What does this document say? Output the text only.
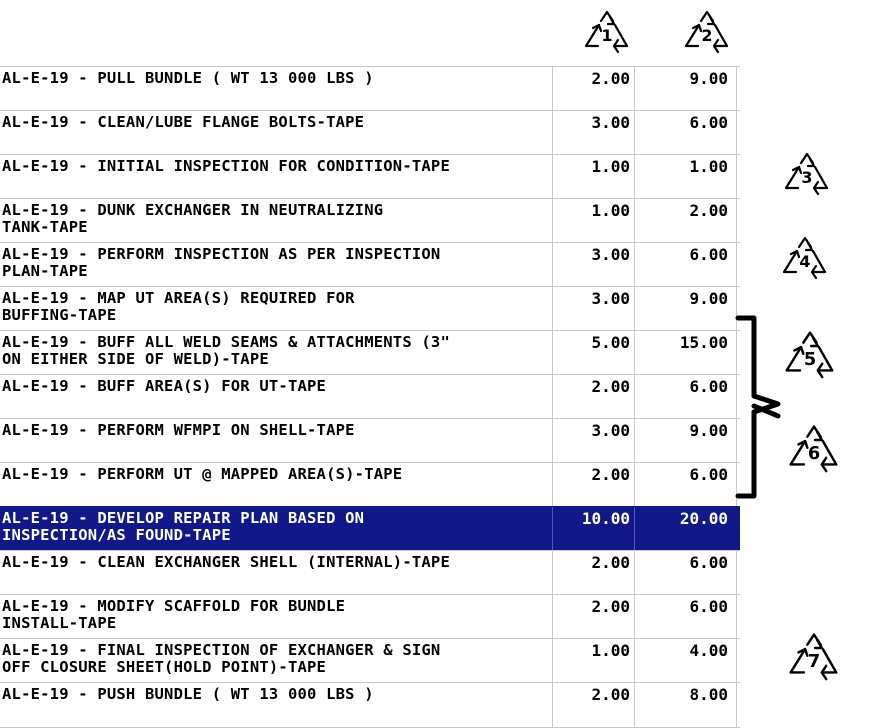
1	2
AL-E-19 - PULL BUNDLE ( WT 13 000 LBS )	2.00	9.00
AL-E-19 - CLEAN/LUBE FLANGE BOLTS-TAPE	3.00	6.00
AL-E-19 - INITIAL INSPECTION FOR CONDITION-TAPE	1.00	1.00
AL-E-19 - DUNK EXCHANGER IN NEUTRALIZING
TANK-TAPE
1.00	2.00
AL-E-19 - PERFORM INSPECTION AS PER INSPECTION
PLAN-TAPE
3.00	6.00
AL-E-19 - MAP UT AREA(S) REQUIRED FOR
BUFFING-TAPE
3.00	9.00
AL-E-19 - BUFF ALL WELD SEAMS & ATTACHMENTS (3"
ON EITHER SIDE OF WELD)-TAPE
5.00	15.00
AL-E-19 - BUFF AREA(S) FOR UT-TAPE	2.00	6.00
AL-E-19 - PERFORM WFMPI ON SHELL-TAPE	3.00	9.00
AL-E-19 - PERFORM UT @ MAPPED AREA(S)-TAPE	2.00	6.00
AL-E-19 - DEVELOP REPAIR PLAN BASED ON
INSPECTION/AS FOUND-TAPE
10.00	20.00
AL-E-19 - CLEAN EXCHANGER SHELL (INTERNAL)-TAPE	2.00	6.00
AL-E-19 - MODIFY SCAFFOLD FOR BUNDLE
INSTALL-TAPE
2.00	6.00
AL-E-19 - FINAL INSPECTION OF EXCHANGER & SIGN
OFF CLOSURE SHEET(HOLD POINT)-TAPE
1.00	4.00
AL-E-19 - PUSH BUNDLE ( WT 13 000 LBS )	2.00	8.00
3
4
5
6
7
